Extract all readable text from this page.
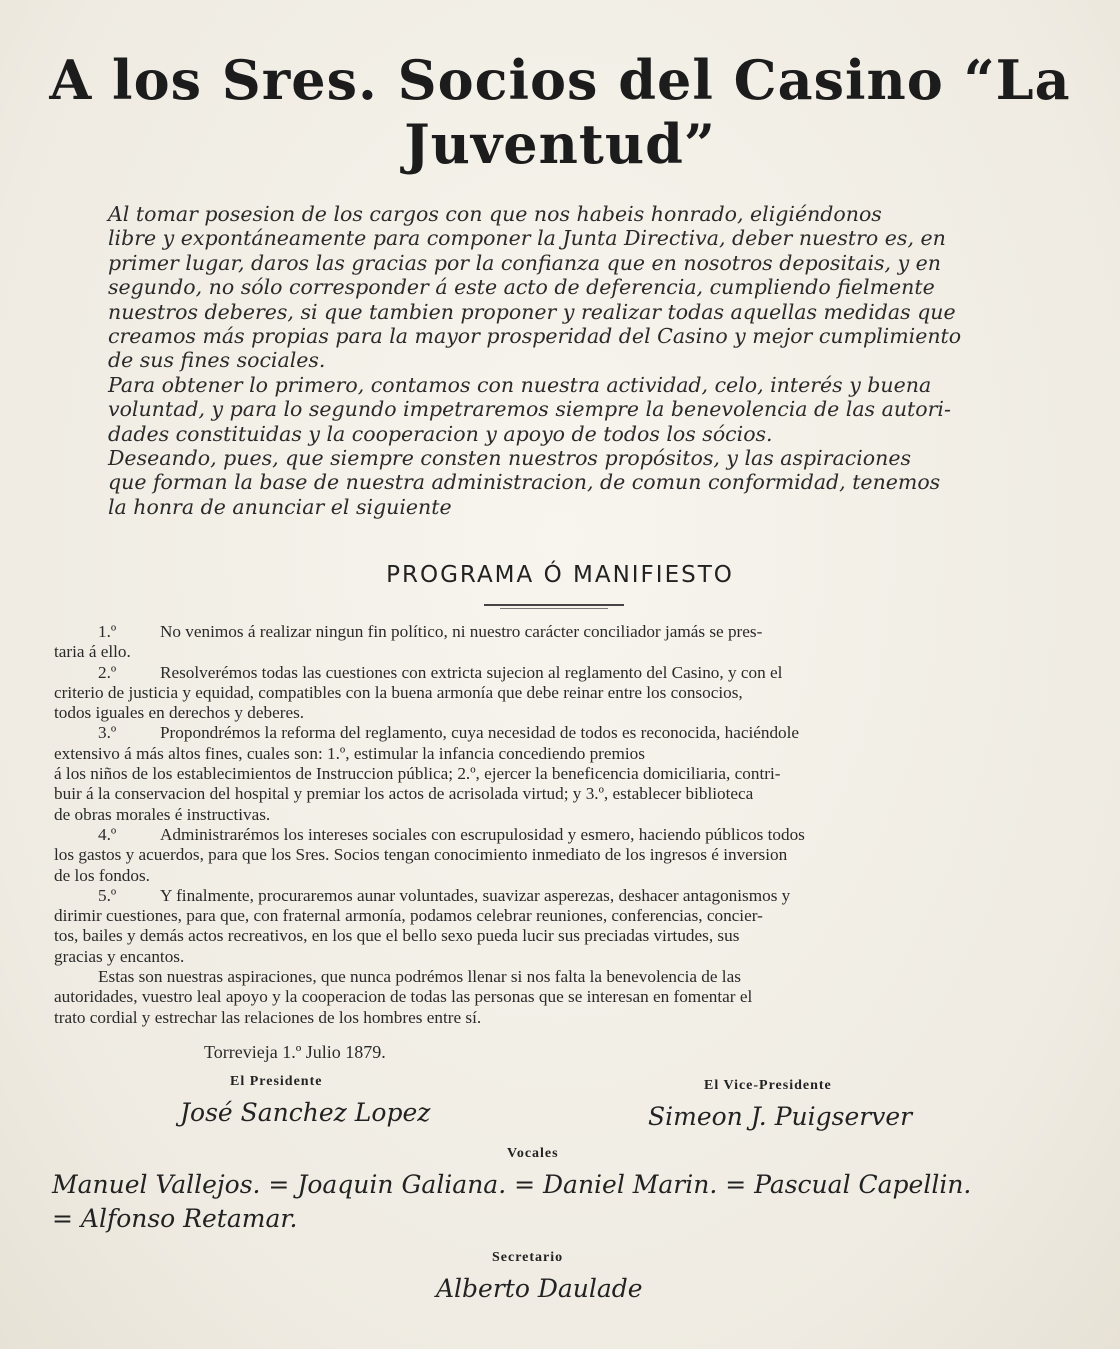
A los Sres. Socios del Casino “La Juventud”

Al tomar posesion de los cargos con que nos habeis honrado, eligiéndonos
libre y expontáneamente para componer la Junta Directiva, deber nuestro es, en
primer lugar, daros las gracias por la confianza que en nosotros depositais, y en
segundo, no sólo corresponder á este acto de deferencia, cumpliendo fielmente
nuestros deberes, si que tambien proponer y realizar todas aquellas medidas que
creamos más propias para la mayor prosperidad del Casino y mejor cumplimiento
de sus fines sociales.

Para obtener lo primero, contamos con nuestra actividad, celo, interés y buena
voluntad, y para lo segundo impetraremos siempre la benevolencia de las autori-
dades constituidas y la cooperacion y apoyo de todos los sócios.

Deseando, pues, que siempre consten nuestros propósitos, y las aspiraciones
que forman la base de nuestra administracion, de comun conformidad, tenemos
la honra de anunciar el siguiente

PROGRAMA Ó MANIFIESTO
1.º	No venimos á realizar ningun fin político, ni nuestro carácter conciliador jamás se pres-
taria á ello.
2.º	Resolverémos todas las cuestiones con extricta sujecion al reglamento del Casino, y con el
criterio de justicia y equidad, compatibles con la buena armonía que debe reinar entre los consocios,
todos iguales en derechos y deberes.
3.º	Propondrémos la reforma del reglamento, cuya necesidad de todos es reconocida, haciéndole
extensivo á más altos fines, cuales son: 1.º, estimular la infancia concediendo premios
á los niños de los establecimientos de Instruccion pública; 2.º, ejercer la beneficencia domiciliaria, contri-
buir á la conservacion del hospital y premiar los actos de acrisolada virtud; y 3.º, establecer biblioteca
de obras morales é instructivas.
4.º	Administrarémos los intereses sociales con escrupulosidad y esmero, haciendo públicos todos
los gastos y acuerdos, para que los Sres. Socios tengan conocimiento inmediato de los ingresos é inversion
de los fondos.
5.º	Y finalmente, procuraremos aunar voluntades, suavizar asperezas, deshacer antagonismos y
dirimir cuestiones, para que, con fraternal armonía, podamos celebrar reuniones, conferencias, concier-
tos, bailes y demás actos recreativos, en los que el bello sexo pueda lucir sus preciadas virtudes, sus
gracias y encantos.
Estas son nuestras aspiraciones, que nunca podrémos llenar si nos falta la benevolencia de las
autoridades, vuestro leal apoyo y la cooperacion de todas las personas que se interesan en fomentar el
trato cordial y estrechar las relaciones de los hombres entre sí.
Torrevieja 1.º Julio 1879.
El Presidente
José Sanchez Lopez
El Vice-Presidente
Simeon J. Puigserver
Vocales
Manuel Vallejos. = Joaquin Galiana. = Daniel Marin. = Pascual Capellin.
= Alfonso Retamar.
Secretario
Alberto Daulade
